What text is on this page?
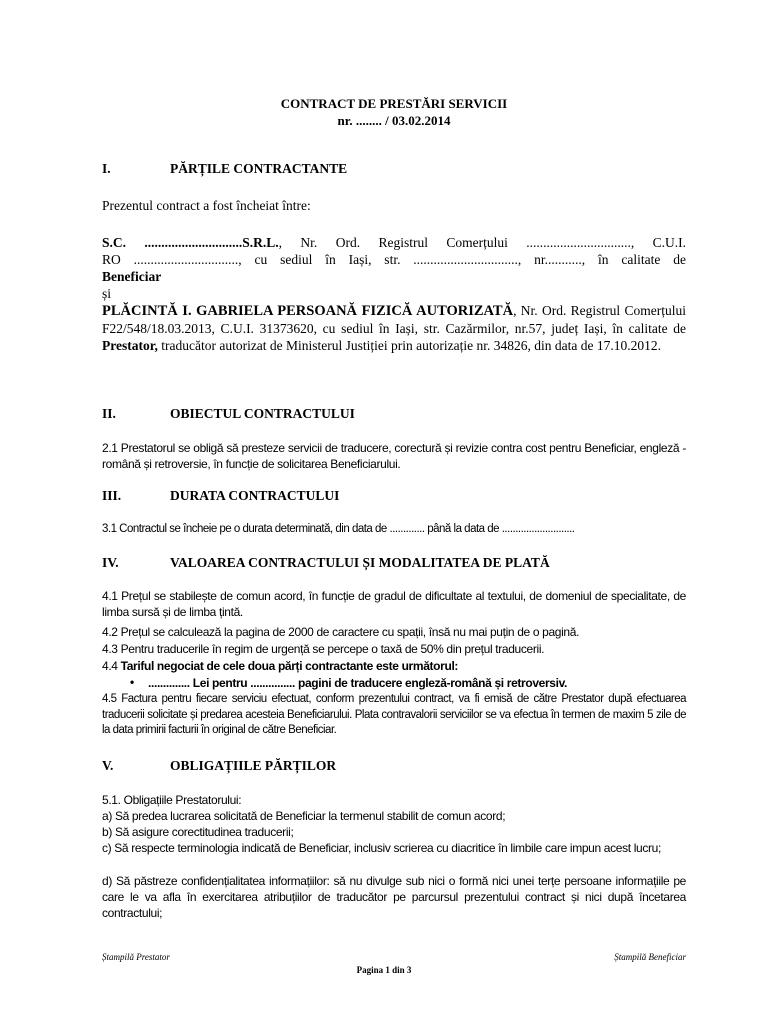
CONTRACT DE PRESTĂRI SERVICII
nr. ........ / 03.02.2014
I.	PĂRȚILE CONTRACTANTE
Prezentul contract a fost încheiat între:
S.C. .............................S.R.L., Nr. Ord. Registrul Comerțului ..............................., C.U.I.
RO ..............................., cu sediul în Iași, str. ..............................., nr..........., în calitate de
Beneficiar
și
PLĂCINTĂ I. GABRIELA PERSOANĂ FIZICĂ AUTORIZATĂ, Nr. Ord. Registrul Comerțului F22/548/18.03.2013, C.U.I. 31373620, cu sediul în Iași, str. Cazărmilor, nr.57, județ Iași, în calitate de Prestator, traducător autorizat de Ministerul Justiției prin autorizație nr. 34826, din data de 17.10.2012.
II.	OBIECTUL CONTRACTULUI
2.1 Prestatorul se obligă să presteze servicii de traducere, corectură și revizie contra cost pentru Beneficiar, engleză - română și retroversie, în funcție de solicitarea Beneficiarului.
III.	DURATA CONTRACTULUI
3.1 Contractul se încheie pe o durata determinată, din data de ............. până la data de ...........................
IV.	VALOAREA CONTRACTULUI ȘI MODALITATEA DE PLATĂ
4.1 Prețul se stabilește de comun acord, în funcție de gradul de dificultate al textului, de domeniul de specialitate, de limba sursă și de limba țintă.
4.2 Prețul se calculează la pagina de 2000 de caractere cu spații, însă nu mai puțin de o pagină.
4.3 Pentru traducerile în regim de urgență se percepe o taxă de 50% din prețul traducerii.
4.4 Tariful negociat de cele doua părți contractante este următorul:
• .............. Lei pentru ............... pagini de traducere engleză-română și retroversiv.
4.5 Factura pentru fiecare serviciu efectuat, conform prezentului contract, va fi emisă de către Prestator după efectuarea traducerii solicitate și predarea acesteia Beneficiarului. Plata contravalorii serviciilor se va efectua în termen de maxim 5 zile de la data primirii facturii în original de către Beneficiar.
V.	OBLIGAȚIILE PĂRȚILOR
5.1. Obligațiile Prestatorului:
a) Să predea lucrarea solicitată de Beneficiar la termenul stabilit de comun acord;
b) Să asigure corectitudinea traducerii;
c) Să respecte terminologia indicată de Beneficiar, inclusiv scrierea cu diacritice în limbile care impun acest lucru;
d) Să păstreze confidențialitatea informațiilor: să nu divulge sub nici o formă nici unei terțe persoane informațiile pe care le va afla în exercitarea atribuțiilor de traducător pe parcursul prezentului contract și nici după încetarea contractului;
Ștampilă Prestator	Ștampilă Beneficiar
Pagina 1 din 3
